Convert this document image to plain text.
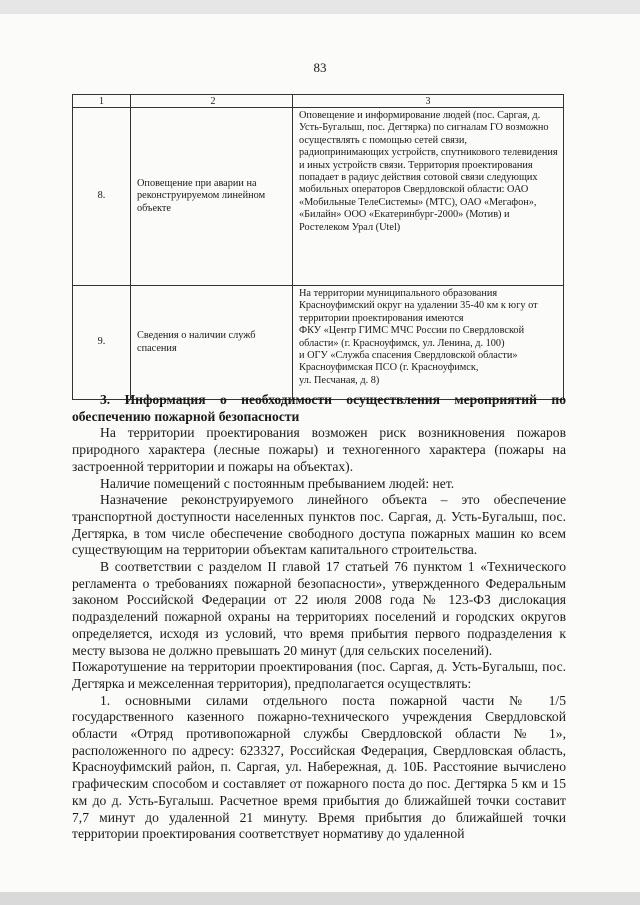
83
1	2	3
8.	Оповещение при аварии на реконструируемом линейном объекте	Оповещение и информирование людей (пос. Саргая, д. Усть-Бугалыш, пос. Дегтярка) по сигналам ГО возможно осуществлять с помощью сетей связи, радиопринимающих устройств, спутникового телевидения и иных устройств связи. Территория проектирования попадает в радиус действия сотовой связи следующих мобильных операторов Свердловской области: ОАО «Мобильные ТелеСистемы» (МТС), ОАО «Мегафон», «Билайн» ООО «Екатеринбург-2000» (Мотив) и Ростелеком Урал (Utel)
9.	Сведения о наличии служб спасения	На территории муниципального образования Красноуфимский округ на удалении 35-40 км к югу от территории проектирования имеются
ФКУ «Центр ГИМС МЧС России по Свердловской области» (г. Красноуфимск, ул. Ленина, д. 100)
и ОГУ «Служба спасения Свердловской области» Красноуфимская ПСО (г. Красноуфимск,
ул. Песчаная, д. 8)

3. Информация о необходимости осуществления мероприятий по обеспечению пожарной безопасности

На территории проектирования возможен риск возникновения пожаров природного характера (лесные пожары) и техногенного характера (пожары на застроенной территории и пожары на объектах).

Наличие помещений с постоянным пребыванием людей: нет.

Назначение реконструируемого линейного объекта – это обеспечение транспортной доступности населенных пунктов пос. Саргая, д. Усть-Бугалыш, пос. Дегтярка, в том числе обеспечение свободного доступа пожарных машин ко всем существующим на территории объектам капитального строительства.

В соответствии с разделом II главой 17 статьей 76 пунктом 1 «Технического регламента о требованиях пожарной безопасности», утвержденного Федеральным законом Российской Федерации от 22 июля 2008 года № 123-ФЗ дислокация подразделений пожарной охраны на территориях поселений и городских округов определяется, исходя из условий, что время прибытия первого подразделения к месту вызова не должно превышать 20 минут (для сельских поселений).

Пожаротушение на территории проектирования (пос. Саргая, д. Усть-Бугалыш, пос. Дегтярка и межселенная территория), предполагается осуществлять:

1. основными силами отдельного поста пожарной части № 1/5 государственного казенного пожарно-технического учреждения Свердловской области «Отряд противопожарной службы Свердловской области № 1», расположенного по адресу: 623327, Российская Федерация, Свердловская область, Красноуфимский район, п. Саргая, ул. Набережная, д. 10Б. Расстояние вычислено графическим способом и составляет от пожарного поста до пос. Дегтярка 5 км и 15 км до д. Усть-Бугалыш. Расчетное время прибытия до ближайшей точки составит 7,7 минут до удаленной 21 минуту. Время прибытия до ближайшей точки территории проектирования соответствует нормативу до удаленной
